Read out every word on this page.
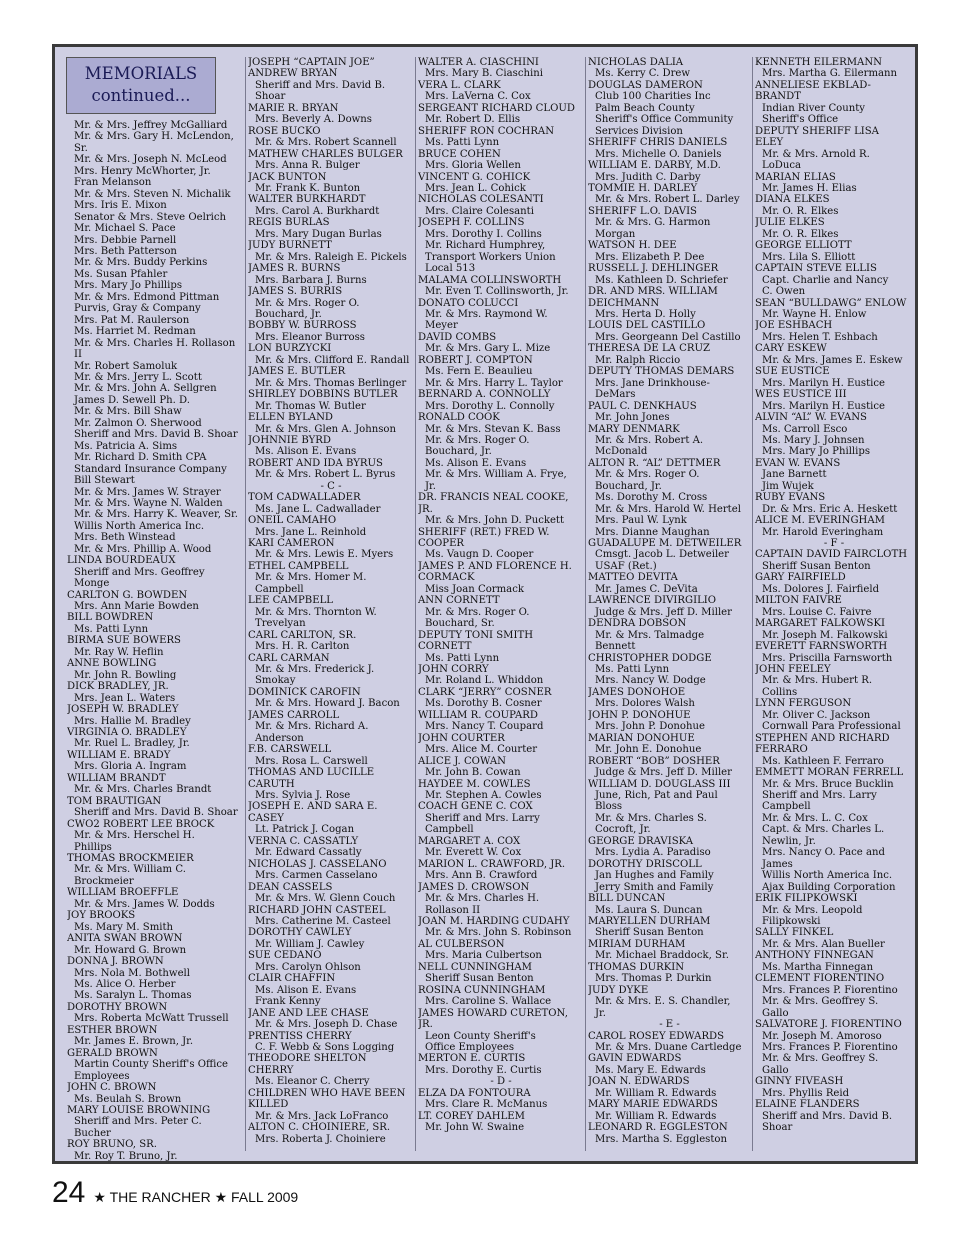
MEMORIALS
continued...
Mr. & Mrs. Jeffrey McGalliard
Mr. & Mrs. Gary H. McLendon,
Sr.
Mr. & Mrs. Joseph N. McLeod
Mrs. Henry McWhorter, Jr.
Fran Melanson
Mr. & Mrs. Steven N. Michalik
Mrs. Iris E. Mixon
Senator & Mrs. Steve Oelrich
Mr. Michael S. Pace
Mrs. Debbie Parnell
Mrs. Beth Patterson
Mr. & Mrs. Buddy Perkins
Ms. Susan Pfahler
Mrs. Mary Jo Phillips
Mr. & Mrs. Edmond Pittman
Purvis, Gray & Company
Mrs. Pat M. Raulerson
Ms. Harriet M. Redman
Mr. & Mrs. Charles H. Rollason
II
Mr. Robert Samoluk
Mr. & Mrs. Jerry L. Scott
Mr. & Mrs. John A. Sellgren
James D. Sewell Ph. D.
Mr. & Mrs. Bill Shaw
Mr. Zalmon O. Sherwood
Sheriff and Mrs. David B. Shoar
Ms. Patricia A. Sims
Mr. Richard D. Smith CPA
Standard Insurance Company
Bill Stewart
Mr. & Mrs. James W. Strayer
Mr. & Mrs. Wayne N. Walden
Mr. & Mrs. Harry K. Weaver, Sr.
Willis North America Inc.
Mrs. Beth Winstead
Mr. & Mrs. Phillip A. Wood
LINDA BOURDEAUX
Sheriff and Mrs. Geoffrey
Monge
CARLTON G. BOWDEN
Mrs. Ann Marie Bowden
BILL BOWDREN
Ms. Patti Lynn
BIRMA SUE BOWERS
Mr. Ray W. Heflin
ANNE BOWLING
Mr. John R. Bowling
DICK BRADLEY, JR.
Mrs. Jean L. Waters
JOSEPH W. BRADLEY
Mrs. Hallie M. Bradley
VIRGINIA O. BRADLEY
Mr. Ruel L. Bradley, Jr.
WILLIAM E. BRADY
Mrs. Gloria A. Ingram
WILLIAM BRANDT
Mr. & Mrs. Charles Brandt
TOM BRAUTIGAN
Sheriff and Mrs. David B. Shoar
CWO2 ROBERT LEE BROCK
Mr. & Mrs. Herschel H.
Phillips
THOMAS BROCKMEIER
Mr. & Mrs. William C.
Brockmeier
WILLIAM BROEFFLE
Mr. & Mrs. James W. Dodds
JOY BROOKS
Ms. Mary M. Smith
ANITA SWAN BROWN
Mr. Howard G. Brown
DONNA J. BROWN
Mrs. Nola M. Bothwell
Ms. Alice O. Herber
Ms. Saralyn L. Thomas
DOROTHY BROWN
Mrs. Roberta McWatt Trussell
ESTHER BROWN
Mr. James E. Brown, Jr.
GERALD BROWN
Martin County Sheriff's Office
Employees
JOHN C. BROWN
Ms. Beulah S. Brown
MARY LOUISE BROWNING
Sheriff and Mrs. Peter C.
Bucher
ROY BRUNO, SR.
Mr. Roy T. Bruno, Jr.
JOSEPH “CAPTAIN JOE”
ANDREW BRYAN
Sheriff and Mrs. David B.
Shoar
MARIE R. BRYAN
Mrs. Beverly A. Downs
ROSE BUCKO
Mr. & Mrs. Robert Scannell
MATHEW CHARLES BULGER
Mrs. Anna R. Bulger
JACK BUNTON
Mr. Frank K. Bunton
WALTER BURKHARDT
Mrs. Carol A. Burkhardt
REGIS BURLAS
Mrs. Mary Dugan Burlas
JUDY BURNETT
Mr. & Mrs. Raleigh E. Pickels
JAMES R. BURNS
Mrs. Barbara J. Burns
JAMES S. BURRIS
Mr. & Mrs. Roger O.
Bouchard, Jr.
BOBBY W. BURROSS
Mrs. Eleanor Burross
LON BURZYCKI
Mr. & Mrs. Clifford E. Randall
JAMES E. BUTLER
Mr. & Mrs. Thomas Berlinger
SHIRLEY DOBBINS BUTLER
Mr. Thomas W. Butler
ELLEN BYLAND
Mr. & Mrs. Glen A. Johnson
JOHNNIE BYRD
Ms. Alison E. Evans
ROBERT AND IDA BYRUS
Mr. & Mrs. Robert L. Byrus
- C -
TOM CADWALLADER
Ms. Jane L. Cadwallader
ONEIL CAMAHO
Mrs. Jane L. Reinhold
KARI CAMERON
Mr. & Mrs. Lewis E. Myers
ETHEL CAMPBELL
Mr. & Mrs. Homer M.
Campbell
LEE CAMPBELL
Mr. & Mrs. Thornton W.
Trevelyan
CARL CARLTON, SR.
Mrs. H. R. Carlton
CARL CARMAN
Mr. & Mrs. Frederick J.
Smokay
DOMINICK CAROFIN
Mr. & Mrs. Howard J. Bacon
JAMES CARROLL
Mr. & Mrs. Richard A.
Anderson
F.B. CARSWELL
Mrs. Rosa L. Carswell
THOMAS AND LUCILLE
CARUTH
Mrs. Sylvia J. Rose
JOSEPH E. AND SARA E.
CASEY
Lt. Patrick J. Cogan
VERNA C. CASSATLY
Mr. Edward Cassatly
NICHOLAS J. CASSELANO
Mrs. Carmen Casselano
DEAN CASSELS
Mr. & Mrs. W. Glenn Couch
RICHARD JOHN CASTEEL
Mrs. Catherine M. Casteel
DOROTHY CAWLEY
Mr. William J. Cawley
SUE CEDANO
Mrs. Carolyn Ohlson
CLAIR CHAFFIN
Ms. Alison E. Evans
Frank Kenny
JANE AND LEE CHASE
Mr. & Mrs. Joseph D. Chase
PRENTISS CHERRY
C. F. Webb & Sons Logging
THEODORE SHELTON
CHERRY
Ms. Eleanor C. Cherry
CHILDREN WHO HAVE BEEN
KILLED
Mr. & Mrs. Jack LoFranco
ALTON C. CHOINIERE, SR.
Mrs. Roberta J. Choiniere
WALTER A. CIASCHINI
Mrs. Mary B. Ciaschini
VERA L. CLARK
Mrs. LaVerna C. Cox
SERGEANT RICHARD CLOUD
Mr. Robert D. Ellis
SHERIFF RON COCHRAN
Ms. Patti Lynn
BRUCE COHEN
Mrs. Gloria Wellen
VINCENT G. COHICK
Mrs. Jean L. Cohick
NICHOLAS COLESANTI
Mrs. Claire Colesanti
JOSEPH F. COLLINS
Mrs. Dorothy I. Collins
Mr. Richard Humphrey,
Transport Workers Union
Local 513
MALAMA COLLINSWORTH
Mr. Even T. Collinsworth, Jr.
DONATO COLUCCI
Mr. & Mrs. Raymond W.
Meyer
DAVID COMBS
Mr. & Mrs. Gary L. Mize
ROBERT J. COMPTON
Ms. Fern E. Beaulieu
Mr. & Mrs. Harry L. Taylor
BERNARD A. CONNOLLY
Mrs. Dorothy L. Connolly
RONALD COOK
Mr. & Mrs. Stevan K. Bass
Mr. & Mrs. Roger O.
Bouchard, Jr.
Ms. Alison E. Evans
Mr. & Mrs. William A. Frye,
Jr.
DR. FRANCIS NEAL COOKE,
JR.
Mr. & Mrs. John D. Puckett
SHERIFF (RET.) FRED W.
COOPER
Ms. Vaugn D. Cooper
JAMES P. AND FLORENCE H.
CORMACK
Miss Joan Cormack
ANN CORNETT
Mr. & Mrs. Roger O.
Bouchard, Sr.
DEPUTY TONI SMITH
CORNETT
Ms. Patti Lynn
JOHN CORRY
Mr. Roland L. Whiddon
CLARK “JERRY” COSNER
Ms. Dorothy B. Cosner
WILLIAM R. COUPARD
Mrs. Nancy T. Coupard
JOHN COURTER
Mrs. Alice M. Courter
ALICE J. COWAN
Mr. John B. Cowan
HAYDEE M. COWLES
Mr. Stephen A. Cowles
COACH GENE C. COX
Sheriff and Mrs. Larry
Campbell
MARGARET A. COX
Mr. Everett W. Cox
MARION L. CRAWFORD, JR.
Mrs. Ann B. Crawford
JAMES D. CROWSON
Mr. & Mrs. Charles H.
Rollason II
JOAN M. HARDING CUDAHY
Mr. & Mrs. John S. Robinson
AL CULBERSON
Mrs. Maria Culbertson
NELL CUNNINGHAM
Sheriff Susan Benton
ROSINA CUNNINGHAM
Mrs. Caroline S. Wallace
JAMES HOWARD CURETON,
JR.
Leon County Sheriff's
Office Employees
MERTON E. CURTIS
Mrs. Dorothy E. Curtis
- D -
ELZA DA FONTOURA
Mrs. Clare R. McManus
LT. COREY DAHLEM
Mr. John W. Swaine
NICHOLAS DALIA
Ms. Kerry C. Drew
DOUGLAS DAMERON
Club 100 Charities Inc
Palm Beach County
Sheriff's Office Community
Services Division
SHERIFF CHRIS DANIELS
Mrs. Michelle O. Daniels
WILLIAM E. DARBY, M.D.
Mrs. Judith C. Darby
TOMMIE H. DARLEY
Mr. & Mrs. Robert L. Darley
SHERIFF L.O. DAVIS
Mr. & Mrs. G. Harmon
Morgan
WATSON H. DEE
Mrs. Elizabeth P. Dee
RUSSELL J. DEHLINGER
Ms. Kathleen D. Schriefer
DR. AND MRS. WILLIAM
DEICHMANN
Mrs. Herta D. Holly
LOUIS DEL CASTILLO
Mrs. Georgeann Del Castillo
THERESA DE LA CRUZ
Mr. Ralph Riccio
DEPUTY THOMAS DEMARS
Mrs. Jane Drinkhouse-
DeMars
PAUL C. DENKHAUS
Mr. John Jones
MARY DENMARK
Mr. & Mrs. Robert A.
McDonald
ALTON R. “AL” DETTMER
Mr. & Mrs. Roger O.
Bouchard, Jr.
Ms. Dorothy M. Cross
Mr. & Mrs. Harold W. Hertel
Mrs. Paul W. Lynk
Mrs. Dianne Maughan
GUADALUPE M. DETWEILER
Cmsgt. Jacob L. Detweiler
USAF (Ret.)
MATTEO DEVITA
Mr. James C. DeVita
LAWRENCE DIVIRGILIO
Judge & Mrs. Jeff D. Miller
DENDRA DOBSON
Mr. & Mrs. Talmadge
Bennett
CHRISTOPHER DODGE
Ms. Patti Lynn
Mrs. Nancy W. Dodge
JAMES DONOHOE
Mrs. Dolores Walsh
JOHN P. DONOHUE
Mrs. John P. Donohue
MARIAN DONOHUE
Mr. John E. Donohue
ROBERT “BOB” DOSHER
Judge & Mrs. Jeff D. Miller
WILLIAM D. DOUGLASS III
June, Rich, Pat and Paul
Bloss
Mr. & Mrs. Charles S.
Cocroft, Jr.
GEORGE DRAVISKA
Mrs. Lydia A. Paradiso
DOROTHY DRISCOLL
Jan Hughes and Family
Jerry Smith and Family
BILL DUNCAN
Ms. Laura S. Duncan
MARYELLEN DURHAM
Sheriff Susan Benton
MIRIAM DURHAM
Mr. Michael Braddock, Sr.
THOMAS DURKIN
Mrs. Thomas P. Durkin
JUDY DYKE
Mr. & Mrs. E. S. Chandler,
Jr.
- E -
CAROL ROSEY EDWARDS
Mr. & Mrs. Duane Cartledge
GAVIN EDWARDS
Ms. Mary E. Edwards
JOAN N. EDWARDS
Mr. William R. Edwards
MARY MARIE EDWARDS
Mr. William R. Edwards
LEONARD R. EGGLESTON
Mrs. Martha S. Eggleston
KENNETH EILERMANN
Mrs. Martha G. Eilermann
ANNELIESE EKBLAD-
BRANDT
Indian River County
Sheriff's Office
DEPUTY SHERIFF LISA
ELEY
Mr. & Mrs. Arnold R.
LoDuca
MARIAN ELIAS
Mr. James H. Elias
DIANA ELKES
Mr. O. R. Elkes
JULIE ELKES
Mr. O. R. Elkes
GEORGE ELLIOTT
Mrs. Lila S. Elliott
CAPTAIN STEVE ELLIS
Capt. Charlie and Nancy
C. Owen
SEAN “BULLDAWG” ENLOW
Mr. Wayne H. Enlow
JOE ESHBACH
Mrs. Helen T. Eshbach
CARY ESKEW
Mr. & Mrs. James E. Eskew
SUE EUSTICE
Mrs. Marilyn H. Eustice
WES EUSTICE III
Mrs. Marilyn H. Eustice
ALVIN “AL” W. EVANS
Ms. Carroll Esco
Ms. Mary J. Johnsen
Mrs. Mary Jo Phillips
EVAN W. EVANS
Jane Barnett
Jim Wujek
RUBY EVANS
Dr. & Mrs. Eric A. Heskett
ALICE M. EVERINGHAM
Mr. Harold Everingham
- F -
CAPTAIN DAVID FAIRCLOTH
Sheriff Susan Benton
GARY FAIRFIELD
Ms. Dolores J. Fairfield
MILTON FAIVRE
Mrs. Louise C. Faivre
MARGARET FALKOWSKI
Mr. Joseph M. Falkowski
EVERETT FARNSWORTH
Mrs. Priscilla Farnsworth
JOHN FEELEY
Mr. & Mrs. Hubert R.
Collins
LYNN FERGUSON
Mr. Oliver C. Jackson
Cornwall Para Professional
STEPHEN AND RICHARD
FERRARO
Ms. Kathleen F. Ferraro
EMMETT MORAN FERRELL
Mr. & Mrs. Bruce Bucklin
Sheriff and Mrs. Larry
Campbell
Mr. & Mrs. L. C. Cox
Capt. & Mrs. Charles L.
Newlin, Jr.
Mrs. Nancy O. Pace and
James
Willis North America Inc.
Ajax Building Corporation
ERIK FILIPKOWSKI
Mr. & Mrs. Leopold
Filipkowski
SALLY FINKEL
Mr. & Mrs. Alan Bueller
ANTHONY FINNEGAN
Ms. Martha Finnegan
CLEMENT FIORENTINO
Mrs. Frances P. Fiorentino
Mr. & Mrs. Geoffrey S.
Gallo
SALVATORE J. FIORENTINO
Mr. Joseph M. Amoroso
Mrs. Frances P. Fiorentino
Mr. & Mrs. Geoffrey S.
Gallo
GINNY FIVEASH
Mrs. Phyllis Reid
ELAINE FLANDERS
Sheriff and Mrs. David B.
Shoar
24 ★ THE RANCHER ★ FALL 2009
